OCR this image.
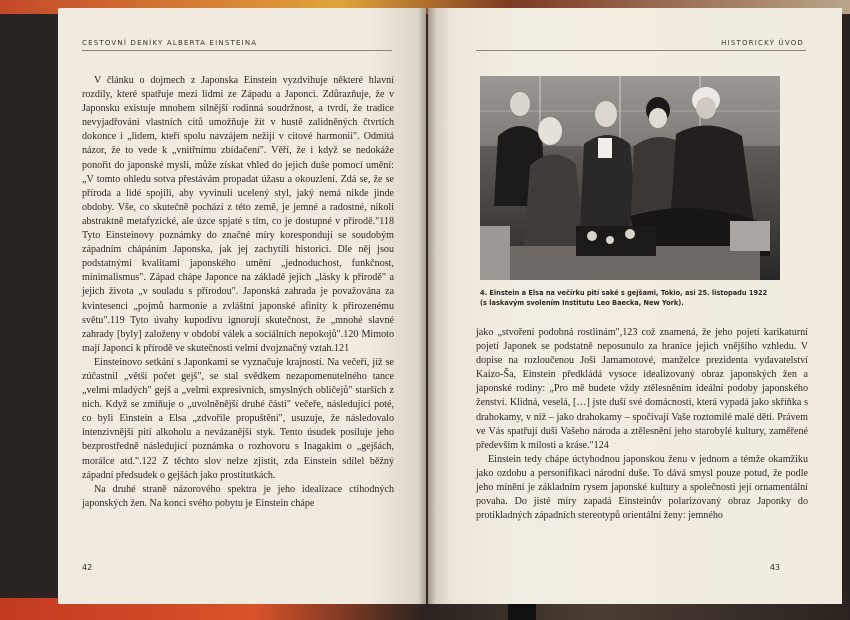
CESTOVNÍ DENÍKY ALBERTA EINSTEINA

V článku o dojmech z Japonska Einstein vyzdvihuje některé hlavní rozdíly, které spatřuje mezi lidmi ze Západu a Japonci. Zdůrazňuje, že v Japonsku existuje mnohem silnější rodinná soudržnost, a tvrdí, že tradice nevyjadřování vlastních citů umožňuje žít v hustě zalidněných čtvrtích dokonce i „lidem, kteří spolu navzájem nežijí v citové harmonii". Odmítá názor, že to vede k „vnitřnímu zbídačení". Věří, že i když se nedokáže ponořit do japonské mysli, může získat vhled do jejich duše pomocí umění: „V tomto ohledu sotva přestávám propadat úžasu a okouzlení. Zdá se, že se příroda a lidé spojili, aby vyvinuli ucelený styl, jaký nemá nikde jinde obdoby. Vše, co skutečně pochází z této země, je jemné a radostné, nikoli abstraktně metafyzické, ale úzce spjaté s tím, co je dostupné v přírodě."118 Tyto Einsteinovy poznámky do značné míry korespondují se soudobým západním chápáním Japonska, jak jej zachytili historici. Dle něj jsou podstatnými kvalitami japonského umění „jednoduchost, funkčnost, minimalismus". Západ chápe Japonce na základě jejich „lásky k přírodě" a jejich života „v souladu s přírodou". Japonská zahrada je považována za kvintesenci „pojmů harmonie a zvláštní japonské afinity k přirozenému světu".119 Tyto úvahy kupodivu ignorují skutečnost, že „mnohé slavné zahrady [byly] založeny v období válek a sociálních nepokojů".120 Mimoto mají Japonci k přírodě ve skutečnosti velmi dvojznačný vztah.121

Einsteinovo setkání s Japonkami se vyznačuje krajností. Na večeři, jíž se zúčastnil „větší počet gejš", se stal svědkem nezapomenutelného tance „velmi mladých" gejš a „velmi expresivních, smyslných obličejů" starších z nich. Když se zmiňuje o „uvolněnější druhé části" večeře, následující poté, co byli Einstein a Elsa „zdvořile propuštěni", usuzuje, že následovalo intenzivnější pití alkoholu a nevázanější styk. Tento úsudek posiluje jeho bezprostředně následující poznámka o rozhovoru s Inagakim o „gejšách, morálce atd.".122 Z těchto slov nelze zjistit, zda Einstein sdílel běžný západní předsudek o gejšách jako prostitutkách.

Na druhé straně názorového spektra je jeho idealizace ctihodných japonských žen. Na konci svého pobytu je Einstein chápe

42
HISTORICKÝ ÚVOD
4. Einstein a Elsa na večírku pití saké s gejšami, Tokio, asi 25. listopadu 1922
(s laskavým svolením Institutu Leo Baecka, New York).

jako „stvoření podobná rostlinám",123 což znamená, že jeho pojetí karikaturní pojetí Japonek se podstatně neposunulo za hranice jejich vnějšího vzhledu. V dopise na rozloučenou Joši Jamamotové, manželce prezidenta vydavatelství Kaizo-Ša, Einstein předkládá vysoce idealizovaný obraz japonských žen a japonské rodiny: „Pro mě budete vždy ztělesněním ideální podoby japonského ženství. Klidná, veselá, […] jste duší své domácnosti, která vypadá jako skříňka s drahokamy, v níž – jako drahokamy – spočívají Vaše roztomilé malé děti. Právem ve Vás spatřují duši Vašeho národa a ztělesnění jeho starobylé kultury, zaměřené především k milosti a kráse."124

Einstein tedy chápe úctyhodnou japonskou ženu v jednom a témže okamžiku jako ozdobu a personifikaci národní duše. To dává smysl pouze potud, že podle jeho mínění je základním rysem japonské kultury a společnosti její ornamentální povaha. Do jisté míry zapadá Einsteinův polarizovaný obraz Japonky do protikladných západních stereotypů orientální ženy: jemného

43
